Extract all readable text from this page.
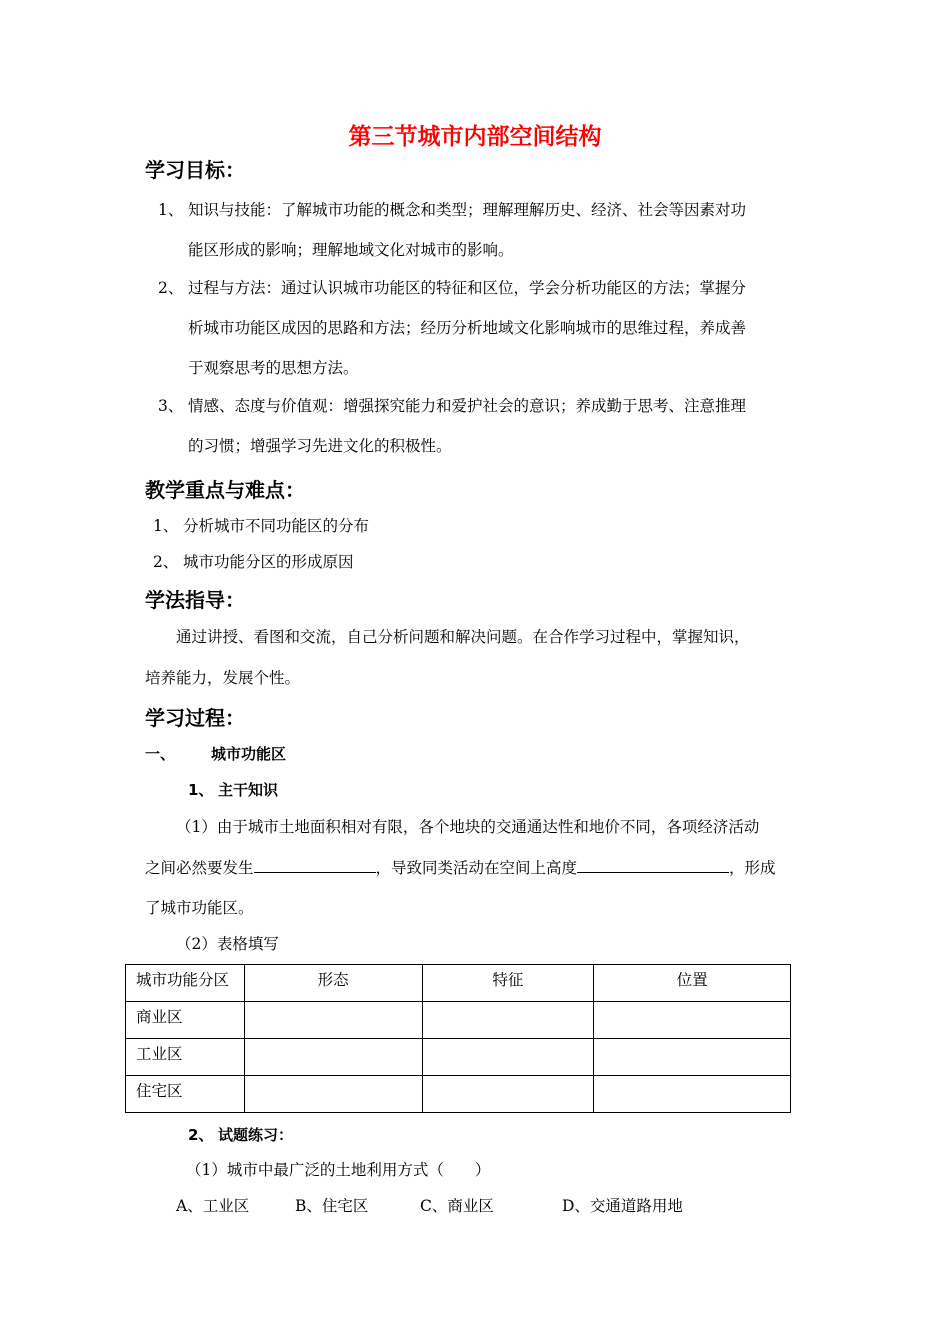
第三节城市内部空间结构
学习目标：
1、 知识与技能：了解城市功能的概念和类型；理解理解历史、经济、社会等因素对功
能区形成的影响；理解地域文化对城市的影响。
2、 过程与方法：通过认识城市功能区的特征和区位，学会分析功能区的方法；掌握分
析城市功能区成因的思路和方法；经历分析地域文化影响城市的思维过程，养成善
于观察思考的思想方法。
3、 情感、态度与价值观：增强探究能力和爱护社会的意识；养成勤于思考、注意推理
的习惯；增强学习先进文化的积极性。
教学重点与难点：
1、 分析城市不同功能区的分布
2、 城市功能分区的形成原因
学法指导：
通过讲授、看图和交流，自己分析问题和解决问题。在合作学习过程中，掌握知识，
培养能力，发展个性。
学习过程：
一、 城市功能区
1、 主干知识
（1）由于城市土地面积相对有限，各个地块的交通通达性和地价不同，各项经济活动
之间必然要发生	，导致同类活动在空间上高度	，形成
了城市功能区。
（2）表格填写
城市功能分区	形态	特征	位置
商业区			
工业区			
住宅区			
2、 试题练习：
（1）城市中最广泛的土地利用方式（　　）
A、工业区	B、住宅区	C、商业区	D、交通道路用地
